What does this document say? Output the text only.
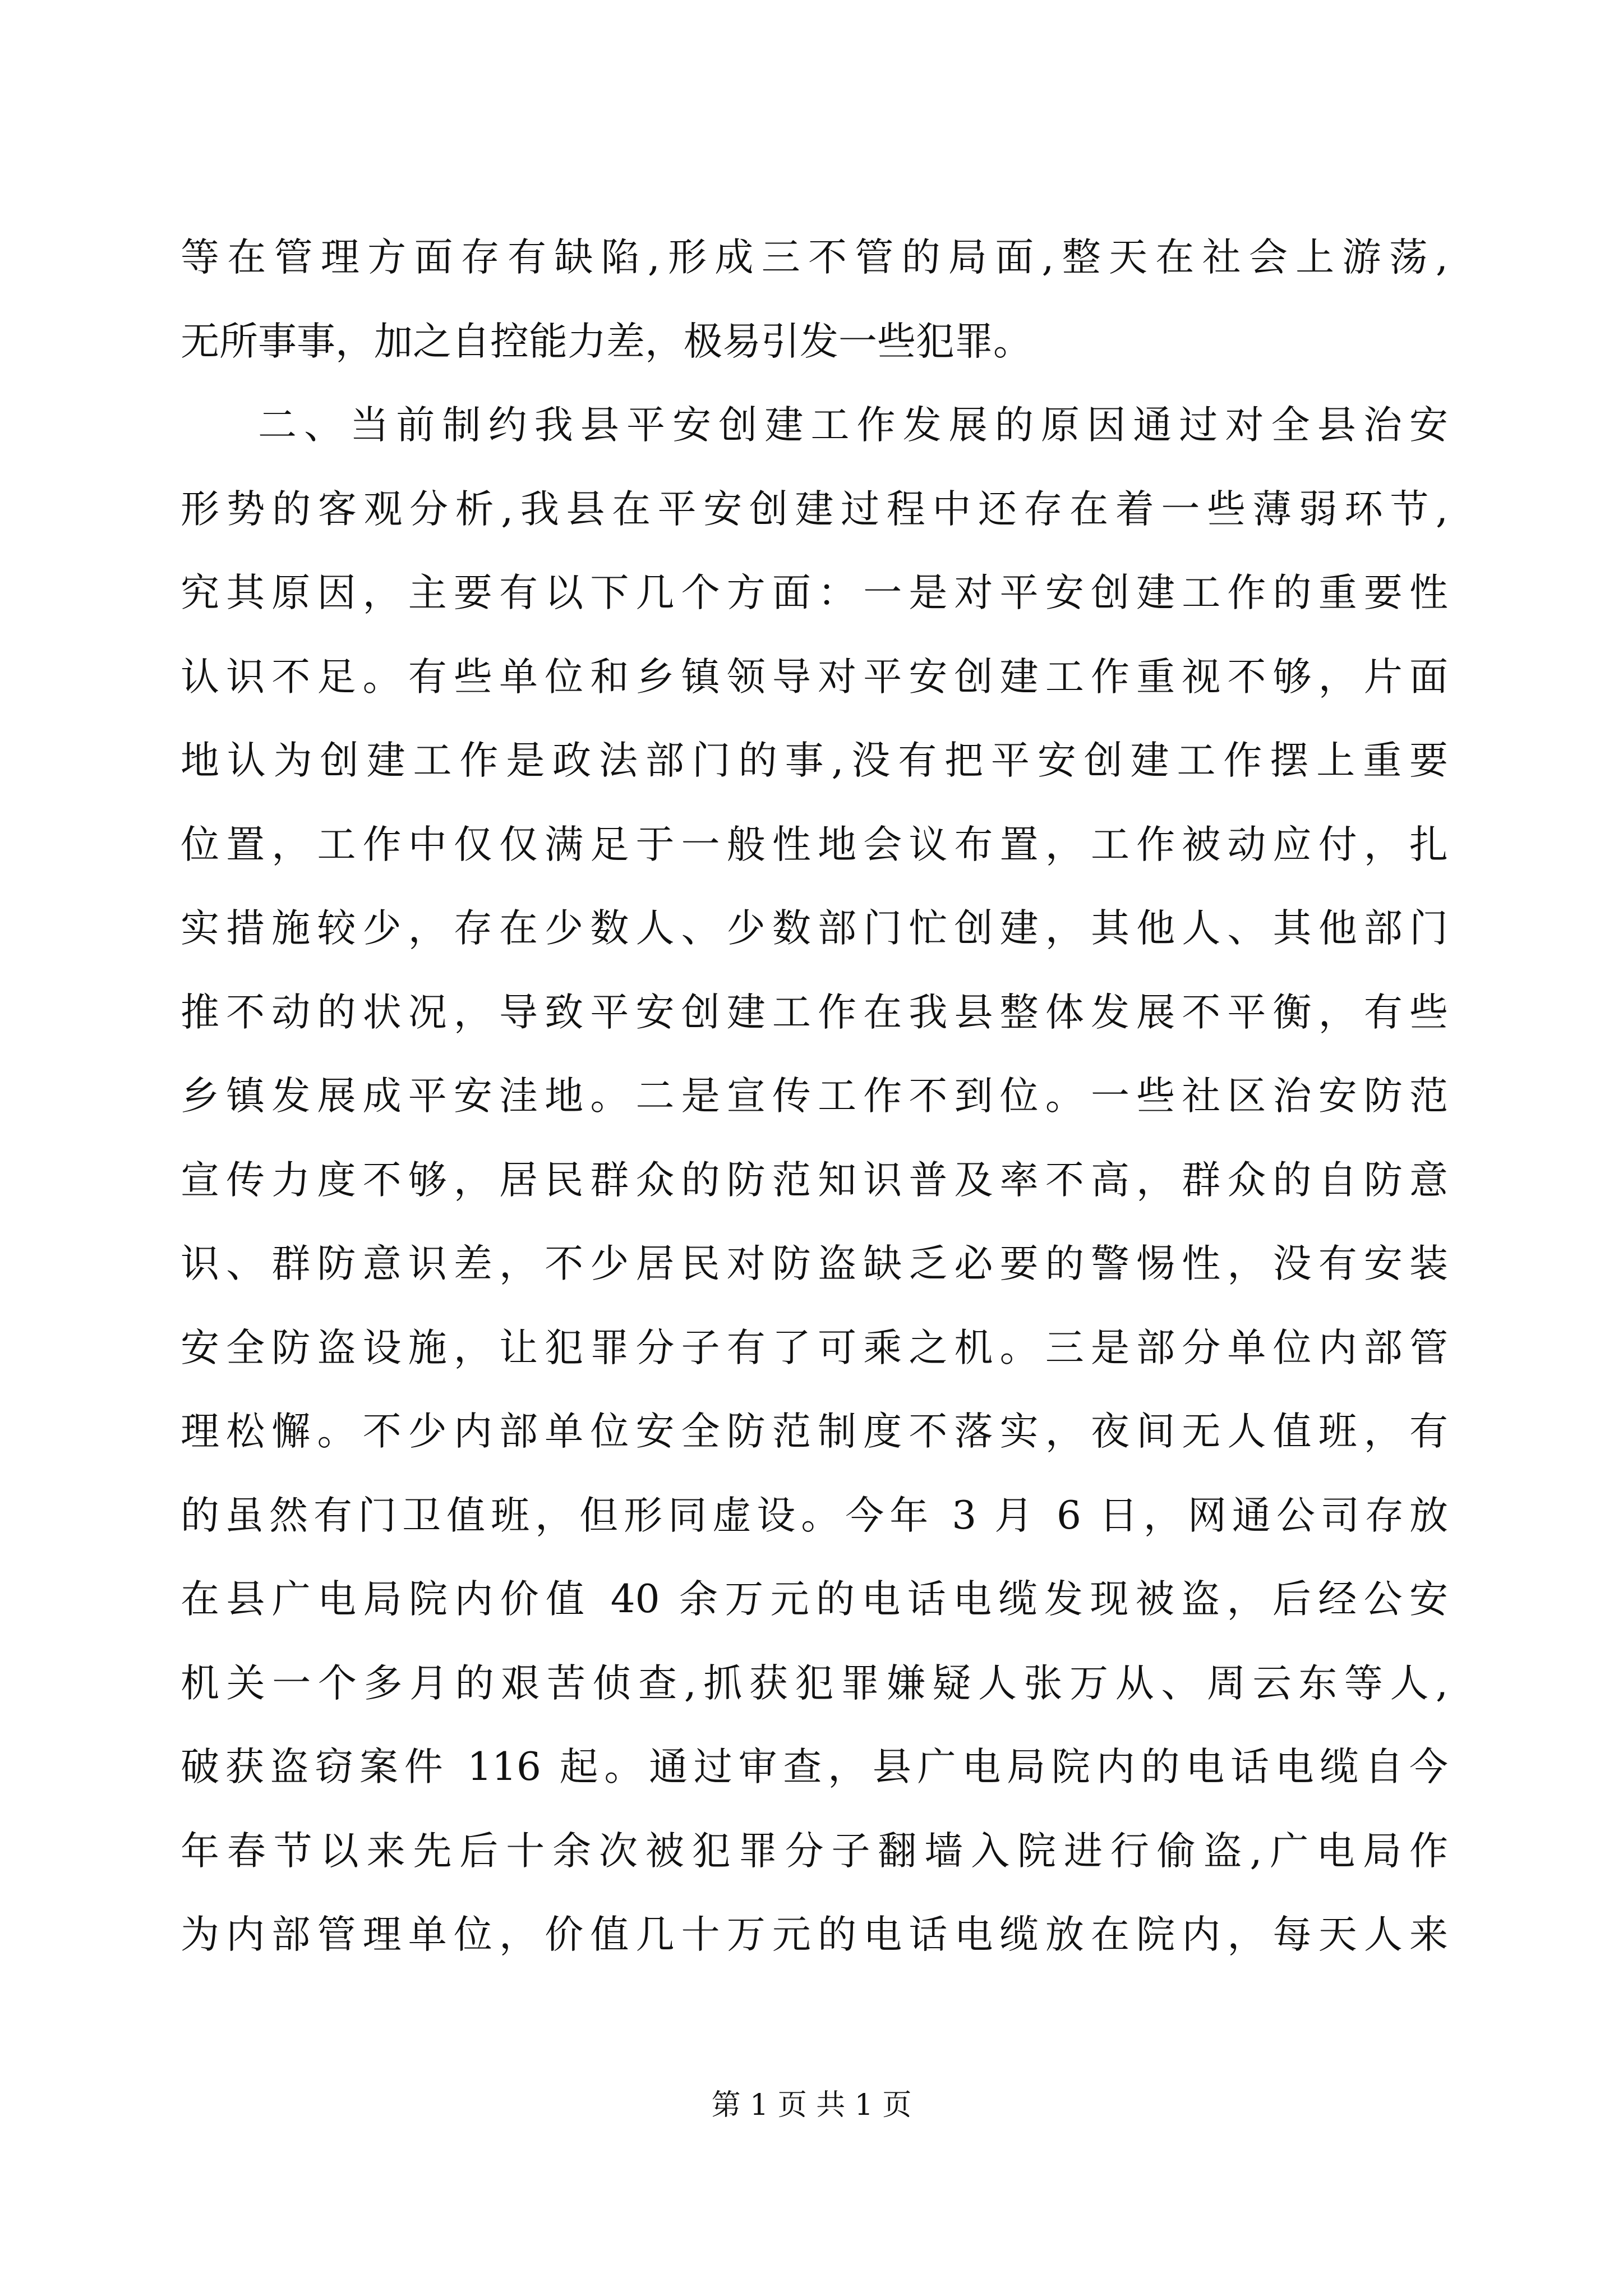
等在管理方面存有缺陷,形成三不管的局面,整天在社会上游荡,
无所事事，加之自控能力差，极易引发一些犯罪。
二、当前制约我县平安创建工作发展的原因通过对全县治安
形势的客观分析,我县在平安创建过程中还存在着一些薄弱环节,
究其原因，主要有以下几个方面：一是对平安创建工作的重要性
认识不足。有些单位和乡镇领导对平安创建工作重视不够，片面
地认为创建工作是政法部门的事,没有把平安创建工作摆上重要
位置，工作中仅仅满足于一般性地会议布置，工作被动应付，扎
实措施较少，存在少数人、少数部门忙创建，其他人、其他部门
推不动的状况，导致平安创建工作在我县整体发展不平衡，有些
乡镇发展成平安洼地。二是宣传工作不到位。一些社区治安防范
宣传力度不够，居民群众的防范知识普及率不高，群众的自防意
识、群防意识差，不少居民对防盗缺乏必要的警惕性，没有安装
安全防盗设施，让犯罪分子有了可乘之机。三是部分单位内部管
理松懈。不少内部单位安全防范制度不落实，夜间无人值班，有
的虽然有门卫值班，但形同虚设。今年 3 月 6 日，网通公司存放
在县广电局院内价值 40 余万元的电话电缆发现被盗，后经公安
机关一个多月的艰苦侦查,抓获犯罪嫌疑人张万从、周云东等人,
破获盗窃案件 116 起。通过审查，县广电局院内的电话电缆自今
年春节以来先后十余次被犯罪分子翻墙入院进行偷盗,广电局作
为内部管理单位，价值几十万元的电话电缆放在院内，每天人来
第 1 页 共 1 页
